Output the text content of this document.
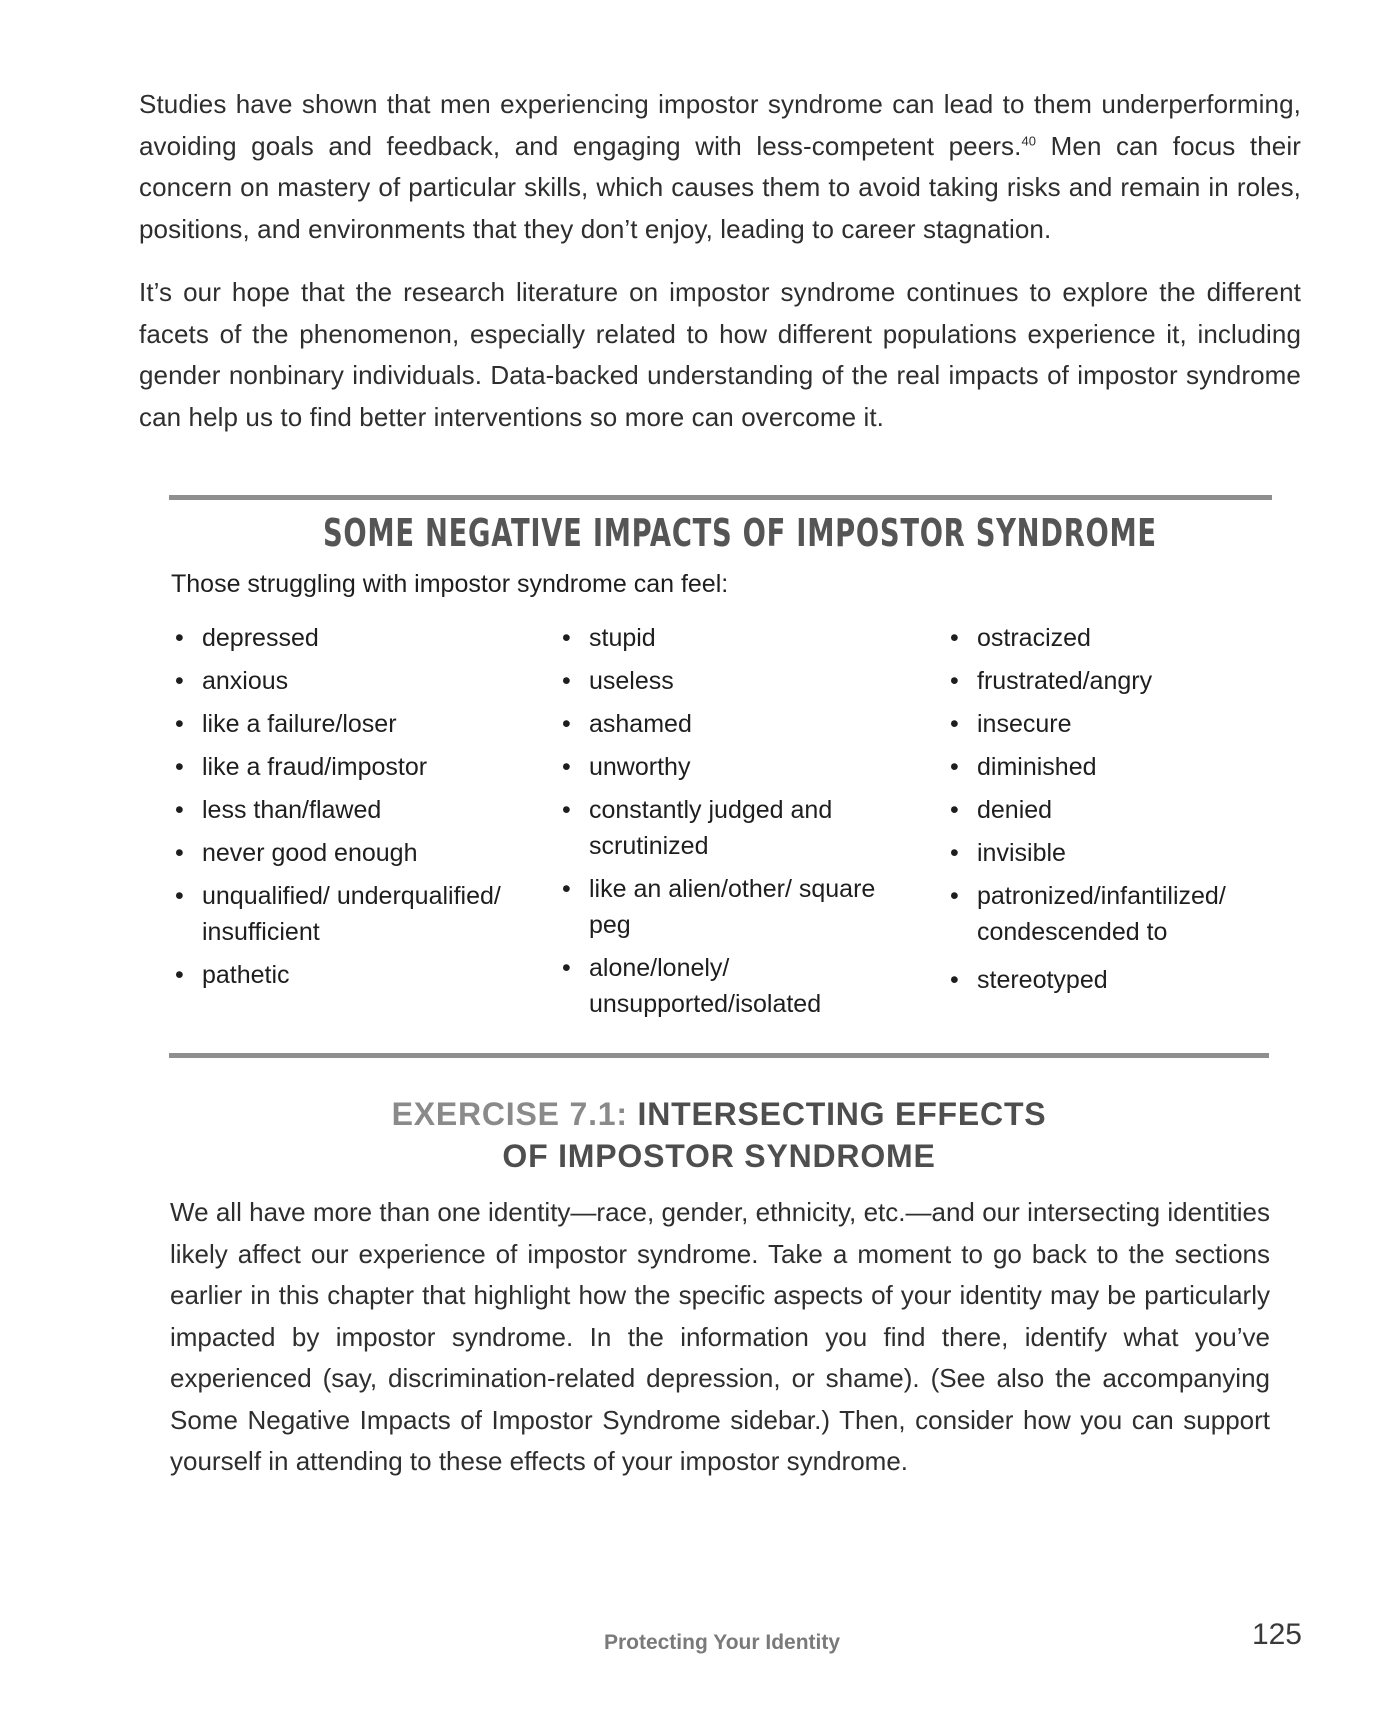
Studies have shown that men experiencing impostor syndrome can lead to them underperforming, avoiding goals and feedback, and engaging with less-competent peers.$^{40}$ Men can focus their concern on mastery of particular skills, which causes them to avoid taking risks and remain in roles, positions, and environments that they don’t enjoy, leading to career stagnation.

It’s our hope that the research literature on impostor syndrome continues to explore the different facets of the phenomenon, especially related to how different populations experience it, including gender nonbinary individuals. Data-backed understanding of the real impacts of impostor syndrome can help us to find better interventions so more can overcome it.

SOME NEGATIVE IMPACTS OF IMPOSTOR SYNDROME
Those struggling with impostor syndrome can feel:
• depressed
• anxious
• like a failure/loser
• like a fraud/impostor
• less than/flawed
• never good enough
• unqualified/ underqualified/ insufficient
• pathetic
• stupid
• useless
• ashamed
• unworthy
• constantly judged and scrutinized
• like an alien/other/ square peg
• alone/lonely/ unsupported/isolated
• ostracized
• frustrated/angry
• insecure
• diminished
• denied
• invisible
• patronized/infantilized/ condescended to
• stereotyped
EXERCISE 7.1: INTERSECTING EFFECTS
OF IMPOSTOR SYNDROME
We all have more than one identity—race, gender, ethnicity, etc.—and our intersecting identities likely affect our experience of impostor syndrome. Take a moment to go back to the sections earlier in this chapter that highlight how the specific aspects of your identity may be particularly impacted by impostor syndrome. In the information you find there, identify what you’ve experienced (say, discrimination-related depression, or shame). (See also the accompanying Some Negative Impacts of Impostor Syndrome sidebar.) Then, consider how you can support yourself in attending to these effects of your impostor syndrome.
Protecting Your Identity	125
